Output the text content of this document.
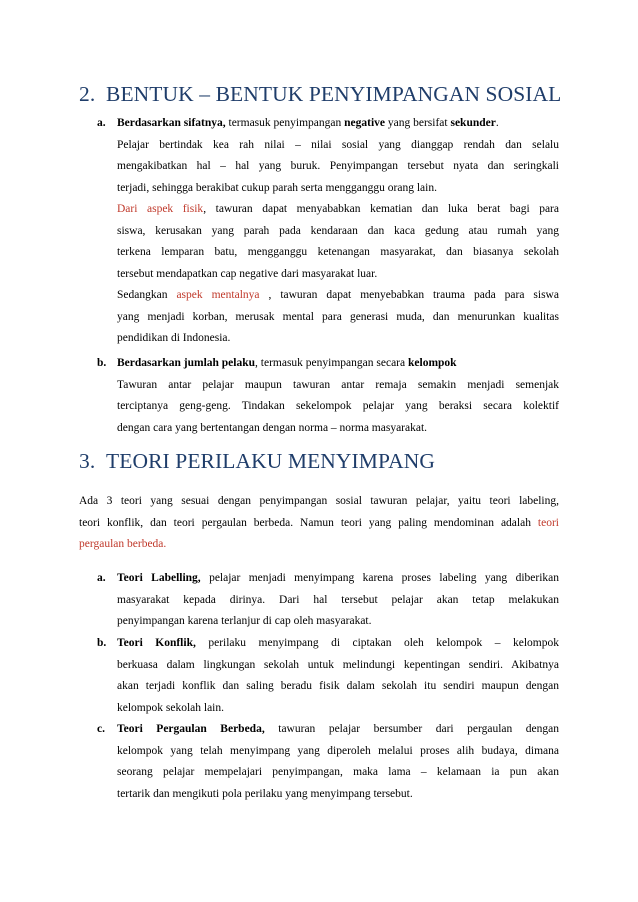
2. BENTUK – BENTUK PENYIMPANGAN SOSIAL
a. Berdasarkan sifatnya, termasuk penyimpangan negative yang bersifat sekunder.
Pelajar bertindak kea rah nilai – nilai sosial yang dianggap rendah dan selalu
mengakibatkan hal – hal yang buruk. Penyimpangan tersebut nyata dan seringkali
terjadi, sehingga berakibat cukup parah serta mengganggu orang lain.
Dari aspek fisik, tawuran dapat menyababkan kematian dan luka berat bagi para
siswa, kerusakan yang parah pada kendaraan dan kaca gedung atau rumah yang
terkena lemparan batu, mengganggu ketenangan masyarakat, dan biasanya sekolah
tersebut mendapatkan cap negative dari masyarakat luar.
Sedangkan aspek mentalnya , tawuran dapat menyebabkan trauma pada para siswa
yang menjadi korban, merusak mental para generasi muda, dan menurunkan kualitas
pendidikan di Indonesia.
b. Berdasarkan jumlah pelaku, termasuk penyimpangan secara kelompok
Tawuran antar pelajar maupun tawuran antar remaja semakin menjadi semenjak
terciptanya geng-geng. Tindakan sekelompok pelajar yang beraksi secara kolektif
dengan cara yang bertentangan dengan norma – norma masyarakat.
3. TEORI PERILAKU MENYIMPANG
Ada 3 teori yang sesuai dengan penyimpangan sosial tawuran pelajar, yaitu teori labeling,
teori konflik, dan teori pergaulan berbeda. Namun teori yang paling mendominan adalah teori
pergaulan berbeda.
a. Teori Labelling, pelajar menjadi menyimpang karena proses labeling yang diberikan
masyarakat kepada dirinya. Dari hal tersebut pelajar akan tetap melakukan
penyimpangan karena terlanjur di cap oleh masyarakat.
b. Teori Konflik, perilaku menyimpang di ciptakan oleh kelompok – kelompok
berkuasa dalam lingkungan sekolah untuk melindungi kepentingan sendiri. Akibatnya
akan terjadi konflik dan saling beradu fisik dalam sekolah itu sendiri maupun dengan
kelompok sekolah lain.
c. Teori Pergaulan Berbeda, tawuran pelajar bersumber dari pergaulan dengan
kelompok yang telah menyimpang yang diperoleh melalui proses alih budaya, dimana
seorang pelajar mempelajari penyimpangan, maka lama – kelamaan ia pun akan
tertarik dan mengikuti pola perilaku yang menyimpang tersebut.
